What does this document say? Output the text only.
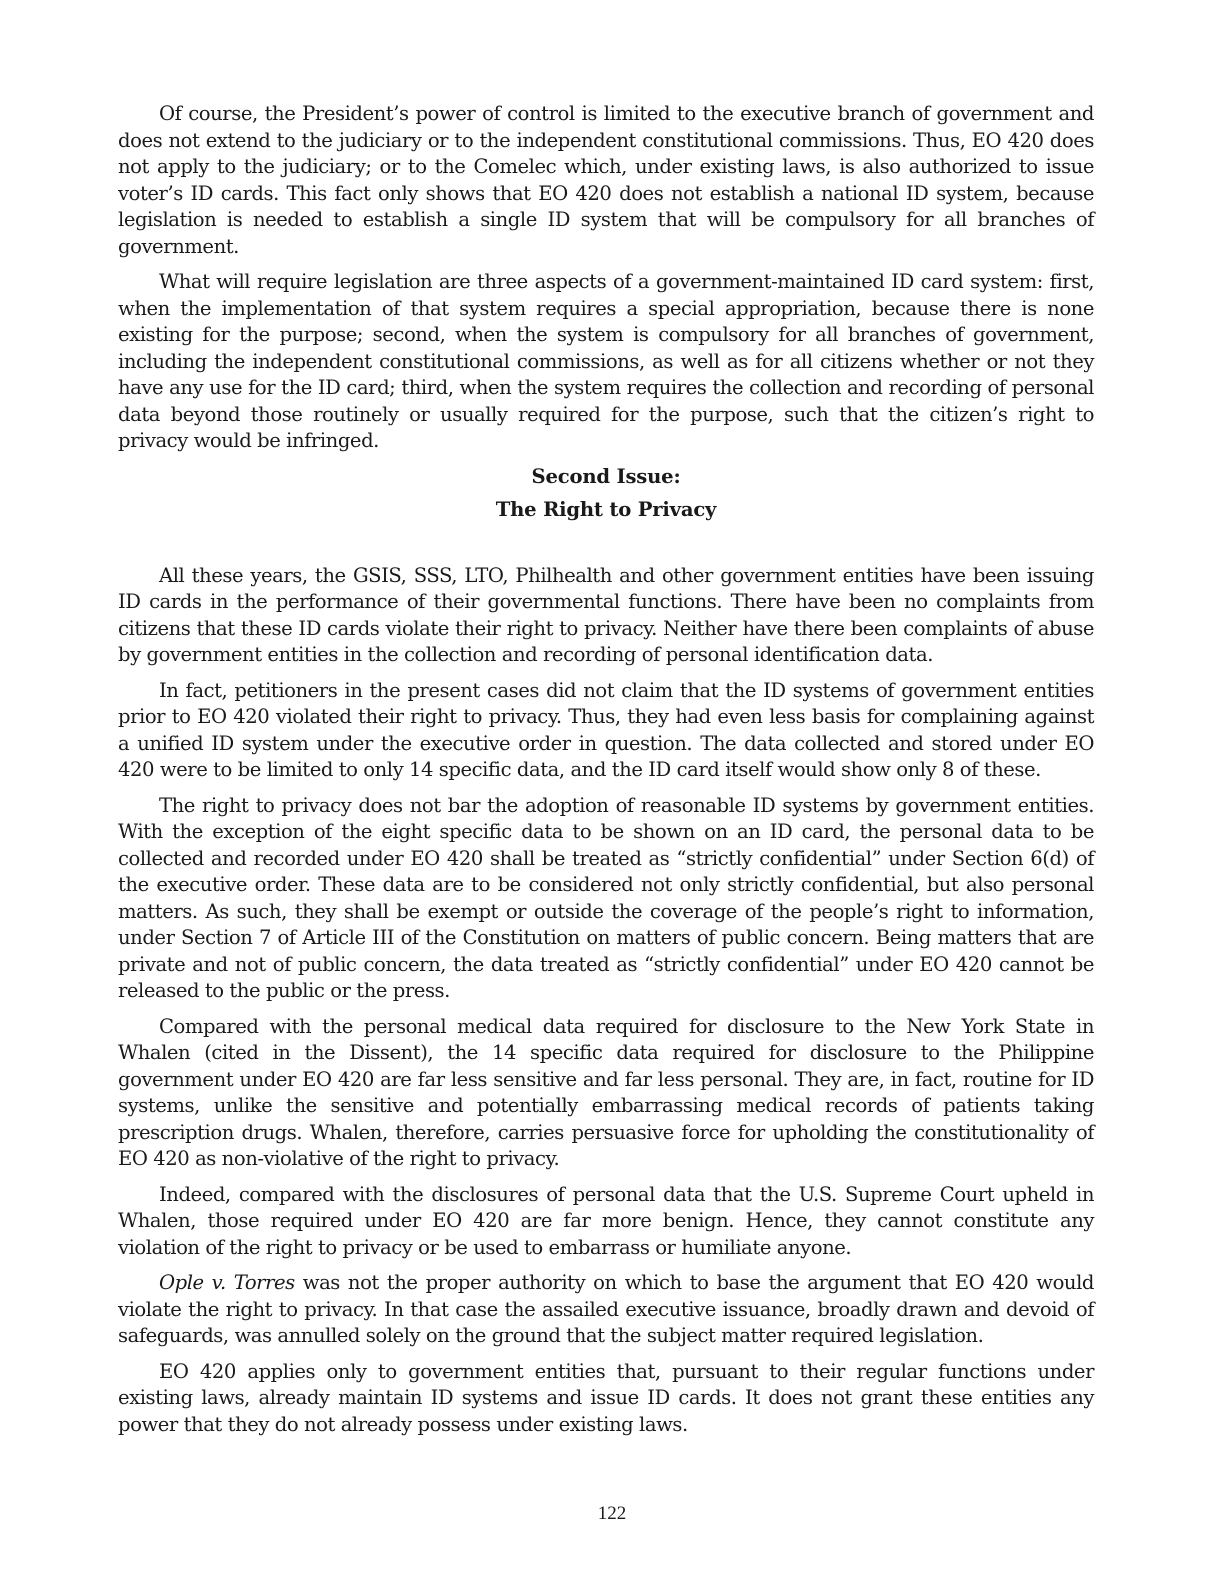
Of course, the President’s power of control is limited to the executive branch of government and does not extend to the judiciary or to the independent constitutional commissions. Thus, EO 420 does not apply to the judiciary; or to the Comelec which, under existing laws, is also authorized to issue voter’s ID cards. This fact only shows that EO 420 does not establish a national ID system, because legislation is needed to establish a single ID system that will be compulsory for all branches of government.

What will require legislation are three aspects of a government-maintained ID card system: first, when the implementation of that system requires a special appropriation, because there is none existing for the purpose; second, when the system is compulsory for all branches of government, including the independent constitutional commissions, as well as for all citizens whether or not they have any use for the ID card; third, when the system requires the collection and recording of personal data beyond those routinely or usually required for the purpose, such that the citizen’s right to privacy would be infringed.

Second Issue:

The Right to Privacy

All these years, the GSIS, SSS, LTO, Philhealth and other government entities have been issuing ID cards in the performance of their governmental functions. There have been no complaints from citizens that these ID cards violate their right to privacy. Neither have there been complaints of abuse by government entities in the collection and recording of personal identification data.

In fact, petitioners in the present cases did not claim that the ID systems of government entities prior to EO 420 violated their right to privacy. Thus, they had even less basis for complaining against a unified ID system under the executive order in question. The data collected and stored under EO 420 were to be limited to only 14 specific data, and the ID card itself would show only 8 of these.

The right to privacy does not bar the adoption of reasonable ID systems by government entities. With the exception of the eight specific data to be shown on an ID card, the personal data to be collected and recorded under EO 420 shall be treated as “strictly confidential” under Section 6(d) of the executive order. These data are to be considered not only strictly confidential, but also personal matters. As such, they shall be exempt or outside the coverage of the people’s right to information, under Section 7 of Article III of the Constitution on matters of public concern. Being matters that are private and not of public concern, the data treated as “strictly confidential” under EO 420 cannot be released to the public or the press.

Compared with the personal medical data required for disclosure to the New York State in Whalen (cited in the Dissent), the 14 specific data required for disclosure to the Philippine government under EO 420 are far less sensitive and far less personal. They are, in fact, routine for ID systems, unlike the sensitive and potentially embarrassing medical records of patients taking prescription drugs. Whalen, therefore, carries persuasive force for upholding the constitutionality of EO 420 as non-violative of the right to privacy.

Indeed, compared with the disclosures of personal data that the U.S. Supreme Court upheld in Whalen, those required under EO 420 are far more benign. Hence, they cannot constitute any violation of the right to privacy or be used to embarrass or humiliate anyone.

Ople v. Torres was not the proper authority on which to base the argument that EO 420 would violate the right to privacy. In that case the assailed executive issuance, broadly drawn and devoid of safeguards, was annulled solely on the ground that the subject matter required legislation.

EO 420 applies only to government entities that, pursuant to their regular functions under existing laws, already maintain ID systems and issue ID cards. It does not grant these entities any power that they do not already possess under existing laws.

122
